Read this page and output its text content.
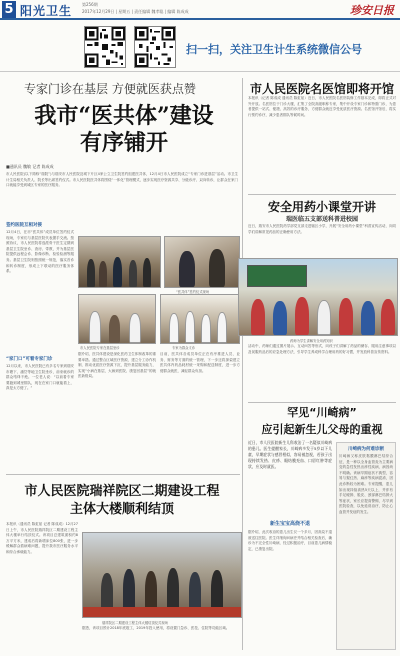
5 阳光卫生 第256期
2017年12月29日 | 星期五 | 责任编辑 魏孝聪 | 编辑 陈成成	珍安日报
扫一扫，关注卫生计生系统微信公号
专家门诊在基层 方便就医获点赞
我市“医共体”建设
有序铺开
■通讯员 魏敏 记者 陈成成
市人民医院(以下简称“瑞院”)与瑞安市人民医院及城下片区4家公立卫生院签约组建医共体，12月4日市人民医院成立“专家门诊进基层”活动。市卫生计生局相关负责人、院长等出席签约仪式。市人民医院医共体将围绕“一体化”管理模式，逐步实现医疗资源共享、分级诊疗、双向转诊，让群众在家门口就能享受到城区专家的医疗服务。
签约医院互相对接
12月4日，在市“医共体”成员单位签约仪式现场，专家们与基层医院代表握手交流。按照协议，市人民医院将选派骨干医生定期到基层卫生院坐诊、查房、带教，并为基层医院提供远程会诊、影像诊断、检验检测等服务。基层卫生院则按照统一规范，落实首诊和转诊制度，形成上下联动的医疗服务体系。
“家门口”可看专家门诊
12月以来，市人民医院已有多名专家到瑞安市塘下、潘岱等地卫生院坐诊，前来就诊的群众络绎不绝。一位老人说：“以前看专家要跑到城里排队，现在在家门口就能看上，真是太方便了。”
“医共体”签约仪式现场
市人民医院专家在基层坐诊	专家为群众义诊
据介绍，医共体建设是深化医药卫生体制改革的重要举措。通过整合区域医疗资源，建立分工协作机制，推动优质医疗资源下沉，提升基层服务能力，实现“小病在基层、大病到医院、康复回基层”的就医新格局。
目前，医共体各成员单位正在有序推进人员、业务、财务等方面的统一管理，下一步还将探索建立医共体内药品耗材统一采购和配送制度，进一步方便群众就医，减轻群众负担。
市人民医院瑞祥院区二期建设工程
主体大楼顺利结顶
本报讯（通讯员 陈虹茹 记者 陈成成）12月27日上午，市人民医院瑞祥院区二期建设工程主体大楼举行结顶仪式。该项目总建筑面积约8万平方米，建成后将新增床位800张，进一步缓解群众看病难问题，提升我市医疗服务水平和综合承载能力。
瑞祥院区二期建设工程主体大楼结顶仪式现场
据悉，该项目预计2018年底竣工，2019年投入使用，将设置门急诊、医技、住院等功能区域。
市人民医院名医馆即将开馆
本报讯（记者 陈成成 通讯员 陈虹茹）近日，市人民医院名医馆装修工作基本完成，即将正式对外开放。名医馆位于门诊大楼，汇集了全院高级职称专家，集中开设专家门诊和特需门诊，为患者提供一站式、便捷、高效的诊疗服务，方便群众就近享受优质医疗资源。名医馆开馆后，将实行预约诊疗，减少患者排队等候时间。
安全用药小课堂开讲
瑞医临五支部送科普进校园
近日，瑞安市人民医院药学部党支部走进辖区小学，开展“安全用药小课堂”科普宣传活动，向同学们讲解常见药品的正确使用方法。
药师为学生讲解安全用药知识
活动中，药师们通过图片展示、互动问答等形式，向孩子们讲解了药品的储存、服用注意事项以及误服药品后的应急处理方法，引导学生养成科学合理用药的好习惯，并发放科普宣传资料。
罕见“川崎病”
应引起新生儿父母的重视
近日，市人民医院新生儿科收治了一名疑似川崎病的患儿。医生提醒家长，川崎病多发于5岁以下儿童，早期症状与感冒相似，容易被忽视，若孩子出现持续发热、皮疹、眼结膜充血、口唇红肿等症状，应及时就医。
川崎病为何难诊断
川崎病又称皮肤黏膜淋巴结综合征，是一种以全身血管炎为主要病变的急性发热出疹性疾病，病因尚不明确。该病早期症状不典型，容易与猩红热、麻疹等疾病混淆，因此诊断较为困难。专家提醒，患儿如出现持续高热5天以上，并伴有手足硬肿、脱皮、颈部淋巴结肿大等症状，家长应提高警惕，尽早到医院检查，以免延误治疗，防止心血管并发症的发生。
新生宝宝高烧不退
据介绍，此次收治的患儿出生仅一个多月，因高烧不退被送往医院。医生详细询问病史并结合相关检查后，确诊为不完全性川崎病，经过积极治疗，目前患儿病情稳定，已康复出院。
